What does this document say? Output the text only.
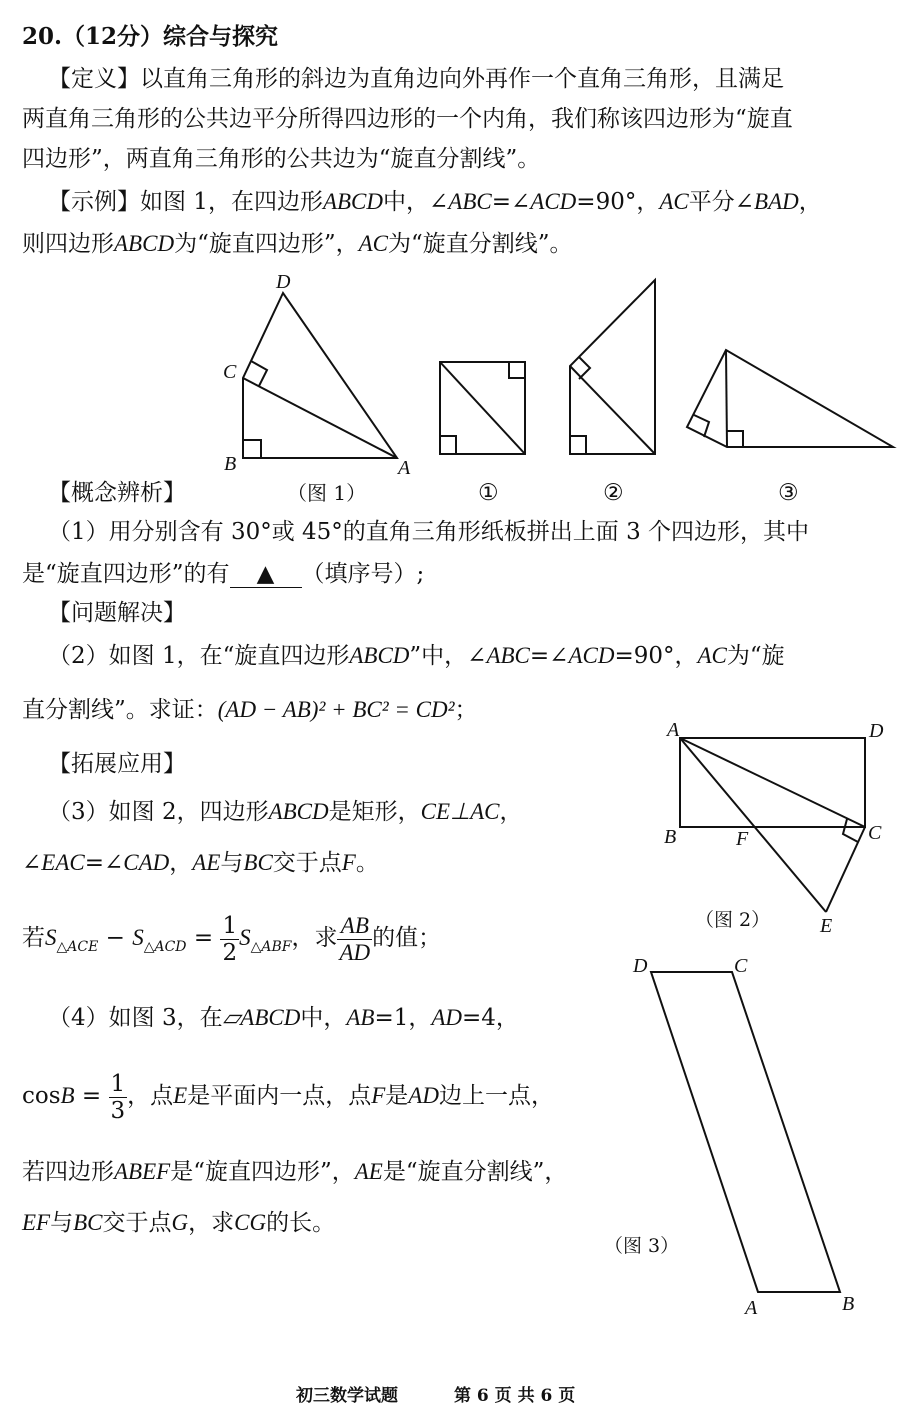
20.（12分）综合与探究
【定义】以直角三角形的斜边为直角边向外再作一个直角三角形，且满足
两直角三角形的公共边平分所得四边形的一个内角，我们称该四边形为“旋直
四边形”，两直角三角形的公共边为“旋直分割线”。
【示例】如图 1，在四边形ABCD中，∠ABC=∠ACD=90°，AC平分∠BAD，
则四边形ABCD为“旋直四边形”，AC为“旋直分割线”。
D
C
B	A
【概念辨析】	（图 1）	①	②	③
（1）用分别含有 30°或 45°的直角三角形纸板拼出上面 3 个四边形，其中
是“旋直四边形”的有 ▲ （填序号）;
【问题解决】
（2）如图 1，在“旋直四边形ABCD”中，∠ABC=∠ACD=90°，AC为“旋
直分割线”。求证：(AD − AB)² + BC² = CD²；
【拓展应用】
（3）如图 2，四边形ABCD是矩形，CE⊥AC，
∠EAC=∠CAD，AE与BC交于点F。
若$S_{\triangle ACE} - S_{\triangle ACD} = \frac{1}{2} S_{\triangle ABF}$，求 $\frac{AB}{AD}$ 的值；
（4）如图 3，在▱ABCD中，AB=1，AD=4，
$\cos B = \frac{1}{3}$ ，点E是平面内一点，点F是AD边上一点，
若四边形ABEF是“旋直四边形”，AE是“旋直分割线”，
EF与BC交于点G，求CG的长。
A	D
B	F	C
E
（图 2）
D	C
A	B
（图 3）
初三数学试题	第 6 页 共 6 页
